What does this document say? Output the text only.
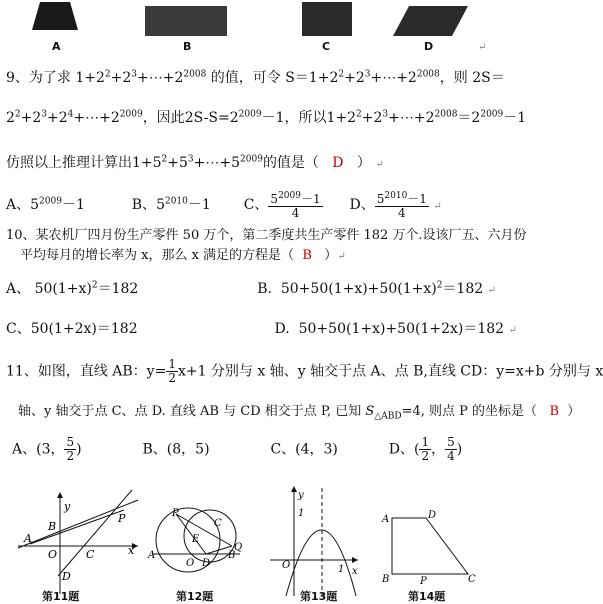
A	B	C	D	↵
9、为了求 $1+2^2+2^3+\cdots+2^{2008}$ 的值，可令 $S=1+2^2+2^3+\cdots+2^{2008}$，则 2S＝
$2^2+2^3+2^4+\cdots+2^{2009}$，因此$2S-S=2^{2009}-1$，所以$1+2^2+2^3+\cdots+2^{2008}=2^{2009}-1$
仿照以上推理计算出$1+5^2+5^3+\cdots+5^{2009}$的值是（ D ） ↵
A、$5^{2009}-1$	B、$5^{2010}-1$  C、 $\frac{5^{2009}-1}{4}$ D、 $\frac{5^{2010}-1}{4}$ ↵
10、某农机厂四月份生产零件 50 万个，第二季度共生产零件 182 万个.设该厂五、六月份
平均每月的增长率为 x，那么 x 满足的方程是（ B ）↵
A、 $50(1+x)^2=182$	B.  $50+50(1+x)+50(1+x)^2=182$ ↵
C、50(1+2x)＝182	D.  50+50(1+x)+50(1+2x)＝182 ↵
11、如图，直线 AB：$y= \frac{1}{2} x+1$ 分别与 x 轴、y 轴交于点 A、点 B,直线 CD：y=x+b 分别与 x
轴、y 轴交于点 C、点 D. 直线 AB 与 CD 相交于点 P, 已知 $S_{\triangle ABD}=4$, 则点 P 的坐标是（ B ）
A、(3， $\frac{5}{2}$ )	B、(8，5)	C、(4，3)	D、( $\frac{1}{2}$ ， $\frac{5}{4}$ )
A
B
O	C
D
P
y
x
第11题
A
P
E
Q
O D
B
C
第12题
1
O	1
y
x
第13题
A	D
B	C
P
第14题
